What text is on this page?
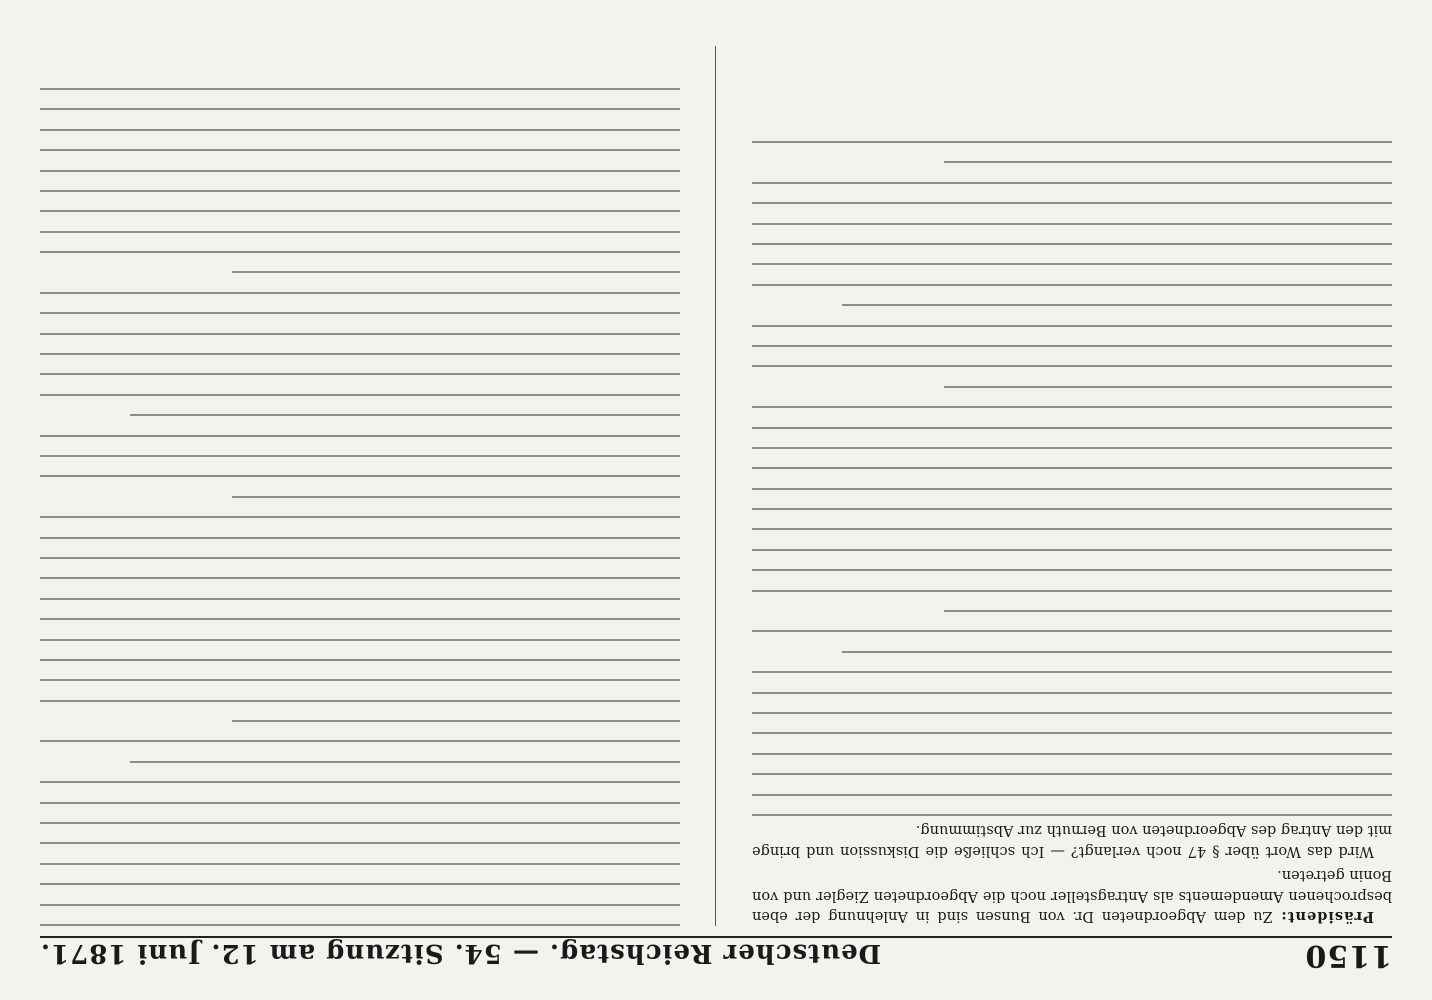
1150
Deutscher Reichstag. — 54. Sitzung am 12. Juni 1871.

Präsident: Zu dem Abgeordneten Dr. von Bunsen sind in Anlehnung der eben besprochenen Amendements als Antragsteller noch die Abgeordneten Ziegler und von Bonin getreten.

Wird das Wort über § 47 noch verlangt? — Ich schließe die Diskussion und bringe mit den Antrag des Abgeordneten von Bernuth zur Abstimmung.
